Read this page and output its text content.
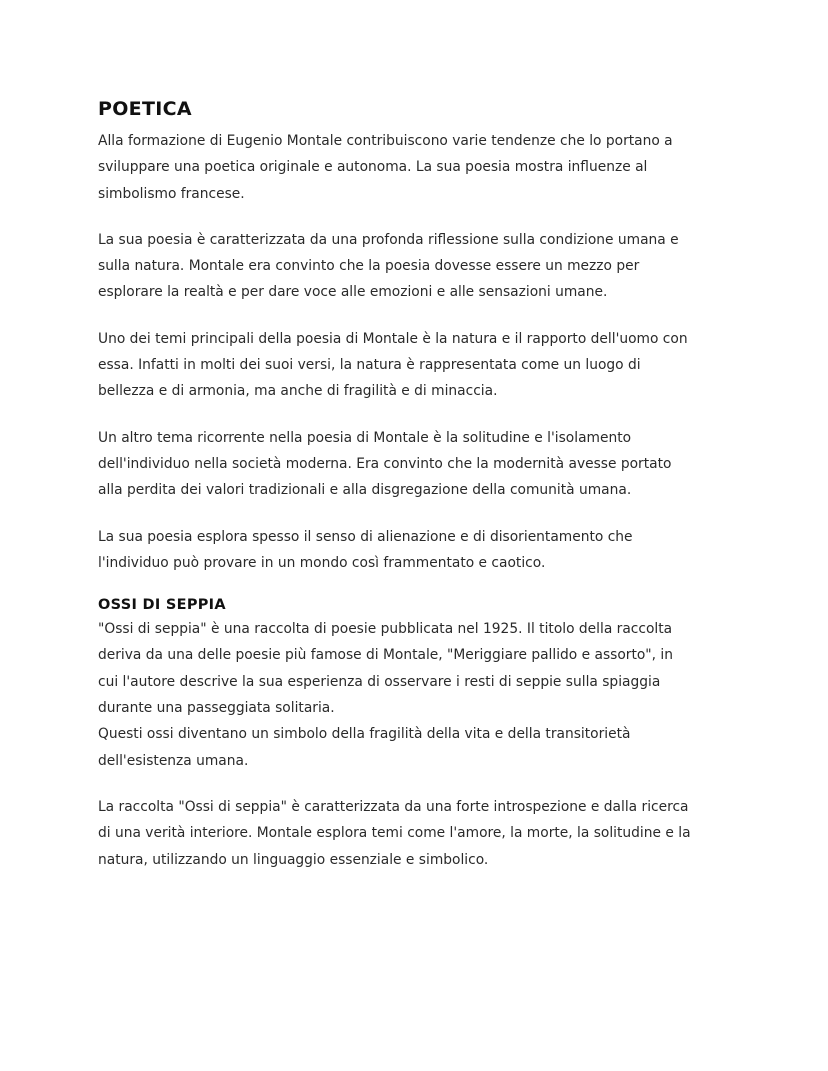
POETICA

Alla formazione di Eugenio Montale contribuiscono varie tendenze che lo portano a
sviluppare una poetica originale e autonoma. La sua poesia mostra influenze al
simbolismo francese.

La sua poesia è caratterizzata da una profonda riflessione sulla condizione umana e
sulla natura. Montale era convinto che la poesia dovesse essere un mezzo per
esplorare la realtà e per dare voce alle emozioni e alle sensazioni umane.

Uno dei temi principali della poesia di Montale è la natura e il rapporto dell'uomo con
essa. Infatti in molti dei suoi versi, la natura è rappresentata come un luogo di
bellezza e di armonia, ma anche di fragilità e di minaccia.

Un altro tema ricorrente nella poesia di Montale è la solitudine e l'isolamento
dell'individuo nella società moderna. Era convinto che la modernità avesse portato
alla perdita dei valori tradizionali e alla disgregazione della comunità umana.

La sua poesia esplora spesso il senso di alienazione e di disorientamento che
l'individuo può provare in un mondo così frammentato e caotico.

OSSI DI SEPPIA

"Ossi di seppia" è una raccolta di poesie pubblicata nel 1925. Il titolo della raccolta
deriva da una delle poesie più famose di Montale, "Meriggiare pallido e assorto", in
cui l'autore descrive la sua esperienza di osservare i resti di seppie sulla spiaggia
durante una passeggiata solitaria.
Questi ossi diventano un simbolo della fragilità della vita e della transitorietà
dell'esistenza umana.

La raccolta "Ossi di seppia" è caratterizzata da una forte introspezione e dalla ricerca
di una verità interiore. Montale esplora temi come l'amore, la morte, la solitudine e la
natura, utilizzando un linguaggio essenziale e simbolico.
